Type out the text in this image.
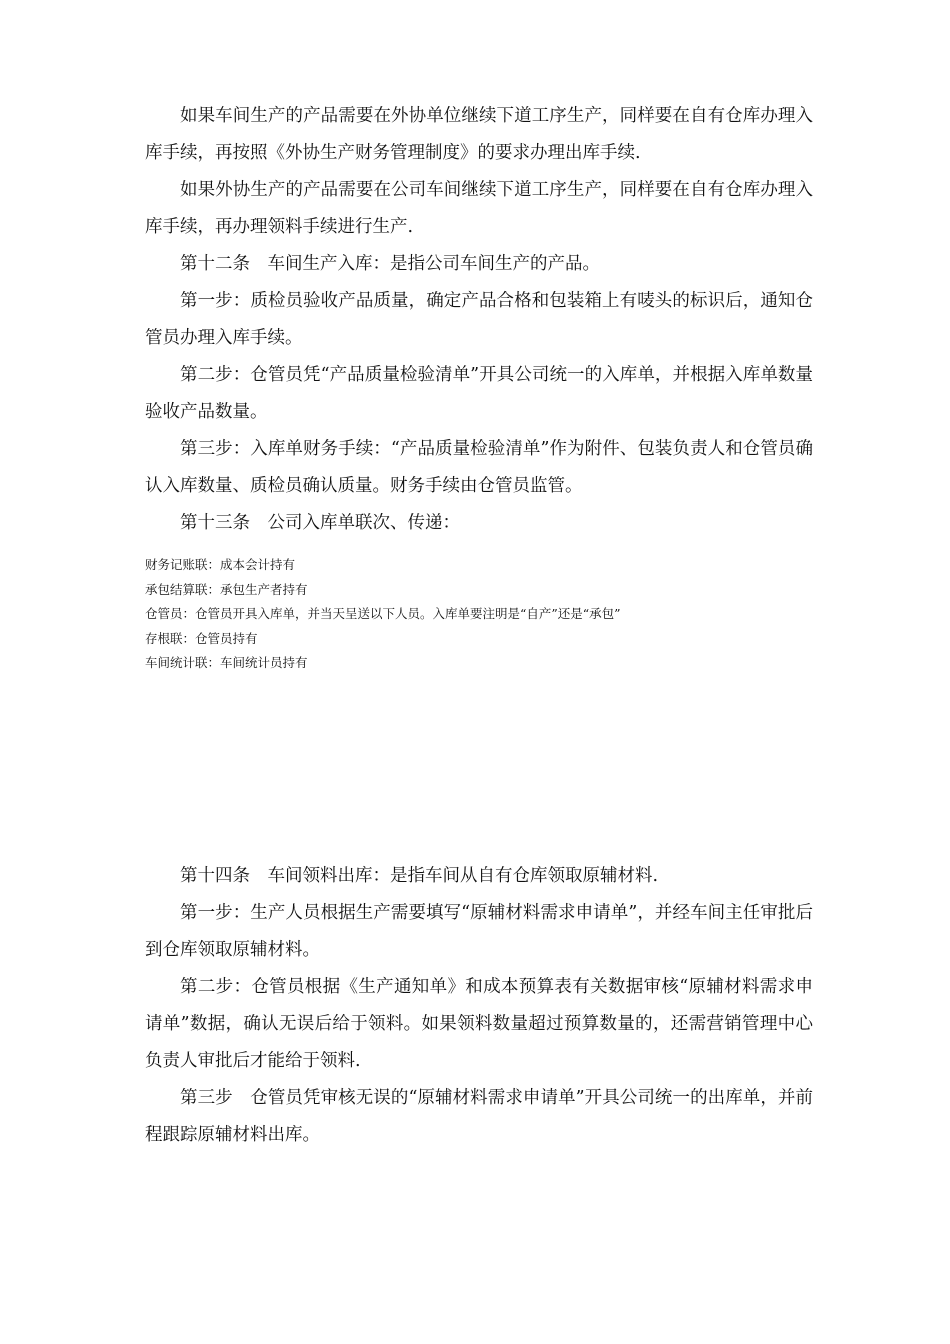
如果车间生产的产品需要在外协单位继续下道工序生产，同样要在自有仓库办理入库手续，再按照《外协生产财务管理制度》的要求办理出库手续.

如果外协生产的产品需要在公司车间继续下道工序生产，同样要在自有仓库办理入库手续，再办理领料手续进行生产.

第十二条　车间生产入库：是指公司车间生产的产品。

第一步：质检员验收产品质量，确定产品合格和包装箱上有唛头的标识后，通知仓管员办理入库手续。

第二步：仓管员凭“产品质量检验清单”开具公司统一的入库单，并根据入库单数量验收产品数量。

第三步：入库单财务手续：“产品质量检验清单”作为附件、包装负责人和仓管员确认入库数量、质检员确认质量。财务手续由仓管员监管。

第十三条　公司入库单联次、传递：

财务记账联：成本会计持有

承包结算联：承包生产者持有

仓管员：仓管员开具入库单，并当天呈送以下人员。入库单要注明是“自产”还是“承包”

存根联：仓管员持有

车间统计联：车间统计员持有

第十四条　车间领料出库：是指车间从自有仓库领取原辅材料.

第一步：生产人员根据生产需要填写“原辅材料需求申请单”，并经车间主任审批后到仓库领取原辅材料。

第二步：仓管员根据《生产通知单》和成本预算表有关数据审核“原辅材料需求申请单”数据，确认无误后给于领料。如果领料数量超过预算数量的，还需营销管理中心负责人审批后才能给于领料.

第三步　仓管员凭审核无误的“原辅材料需求申请单”开具公司统一的出库单，并前程跟踪原辅材料出库。
